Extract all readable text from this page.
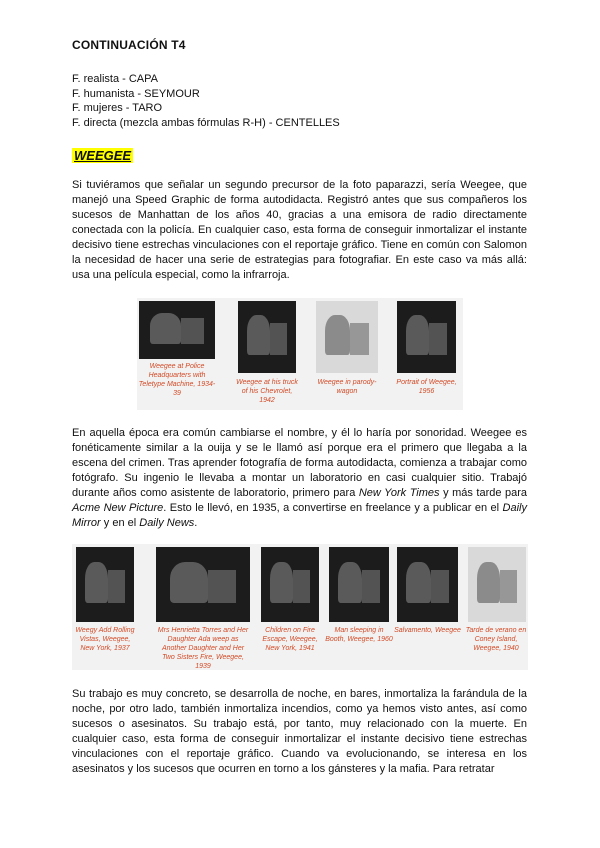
CONTINUACIÓN T4
F. realista - CAPA
F. humanista - SEYMOUR
F. mujeres - TARO
F. directa (mezcla ambas fórmulas R-H) - CENTELLES
WEEGEE
Si tuviéramos que señalar un segundo precursor de la foto paparazzi, sería Weegee, que manejó una Speed Graphic de forma autodidacta. Registró antes que sus compañeros los sucesos de Manhattan de los años 40, gracias a una emisora de radio directamente conectada con la policía. En cualquier caso, esta forma de conseguir inmortalizar el instante decisivo tiene estrechas vinculaciones con el reportaje gráfico. Tiene en común con Salomon la necesidad de hacer una serie de estrategias para fotografiar. En este caso va más allá: usa una película especial, como la infrarroja.
Weegee at Police Headquarters with Teletype Machine, 1934-39
Weegee at his truck of his Chevrolet, 1942
Weegee in parody-wagon
Portrait of Weegee, 1956
En aquella época era común cambiarse el nombre, y él lo haría por sonoridad. Weegee es fonéticamente similar a la ouija y se le llamó así porque era el primero que llegaba a la escena del crimen. Tras aprender fotografía de forma autodidacta, comienza a trabajar como fotógrafo. Su ingenio le llevaba a montar un laboratorio en casi cualquier sitio. Trabajó durante años como asistente de laboratorio, primero para New York Times y más tarde para Acme New Picture. Esto le llevó, en 1935, a convertirse en freelance y a publicar en el Daily Mirror y en el Daily News.
Weegy Add Rolling Vistas, Weegee, New York, 1937
Mrs Henrietta Torres and Her Daughter Ada weep as Another Daughter and Her Two Sisters Fire, Weegee, 1939
Children on Fire Escape, Weegee, New York, 1941
Man sleeping in Booth, Weegee, 1960
Salvamento, Weegee Tarde de verano en Coney Island, Weegee, 1940
Su trabajo es muy concreto, se desarrolla de noche, en bares, inmortaliza la farándula de la noche, por otro lado, también inmortaliza incendios, como ya hemos visto antes, así como sucesos o asesinatos. Su trabajo está, por tanto, muy relacionado con la muerte. En cualquier caso, esta forma de conseguir inmortalizar el instante decisivo tiene estrechas vinculaciones con el reportaje gráfico. Cuando va evolucionando, se interesa en los asesinatos y los sucesos que ocurren en torno a los gánsteres y la mafia. Para retratar
